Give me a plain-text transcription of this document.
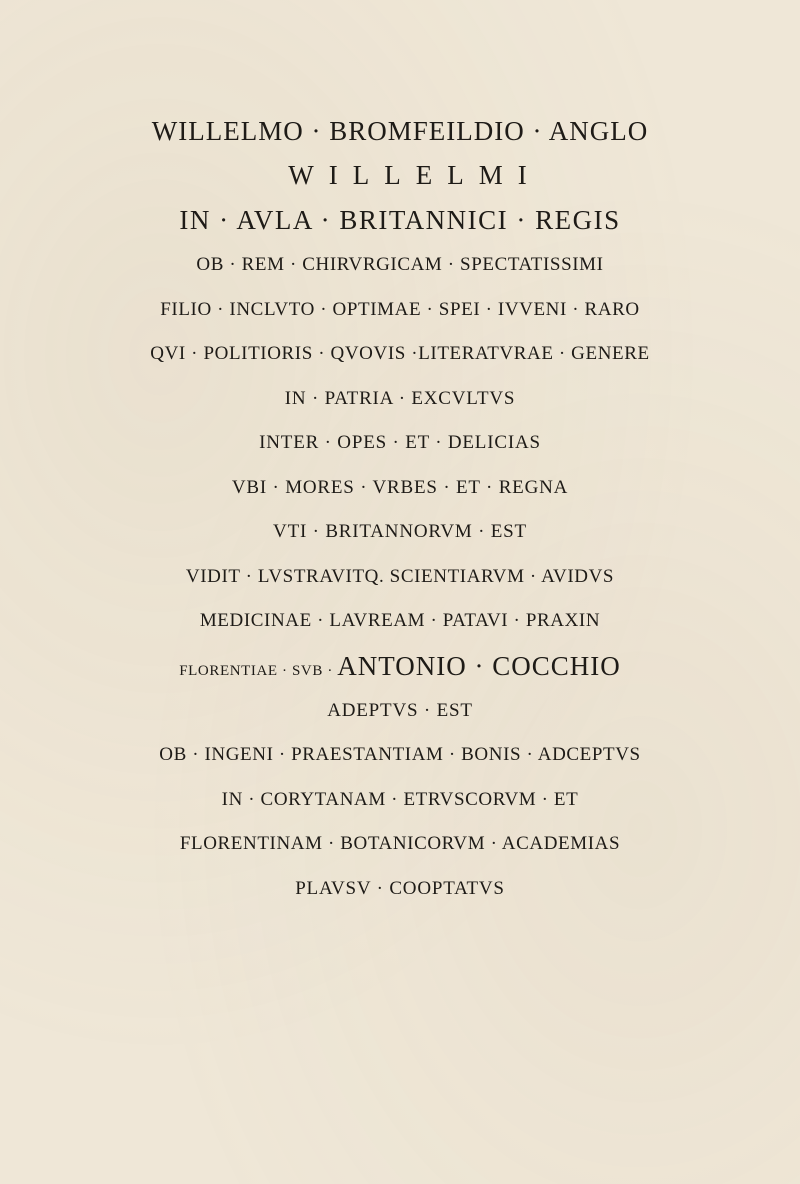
WILLELMO · BROMFEILDIO · ANGLO
WILLELMI
IN · AVLA · BRITANNICI · REGIS
OB · REM · CHIRVRGICAM · SPECTATISSIMI
FILIO · INCLVTO · OPTIMAE · SPEI · IVVENI · RARO
QVI · POLITIORIS · QVOVIS ·LITERATVRAE · GENERE
IN · PATRIA · EXCVLTVS
INTER · OPES · ET · DELICIAS
VBI · MORES · VRBES · ET · REGNA
VTI · BRITANNORVM · EST
VIDIT · LVSTRAVITQ. SCIENTIARVM · AVIDVS
MEDICINAE · LAVREAM · PATAVI · PRAXIN
FLORENTIAE · SVB · ANTONIO · COCCHIO
ADEPTVS · EST
OB · INGENI · PRAESTANTIAM · BONIS · ADCEPTVS
IN · CORYTANAM · ETRVSCORVM · ET
FLORENTINAM · BOTANICORVM · ACADEMIAS
PLAVSV · COOPTATVS
